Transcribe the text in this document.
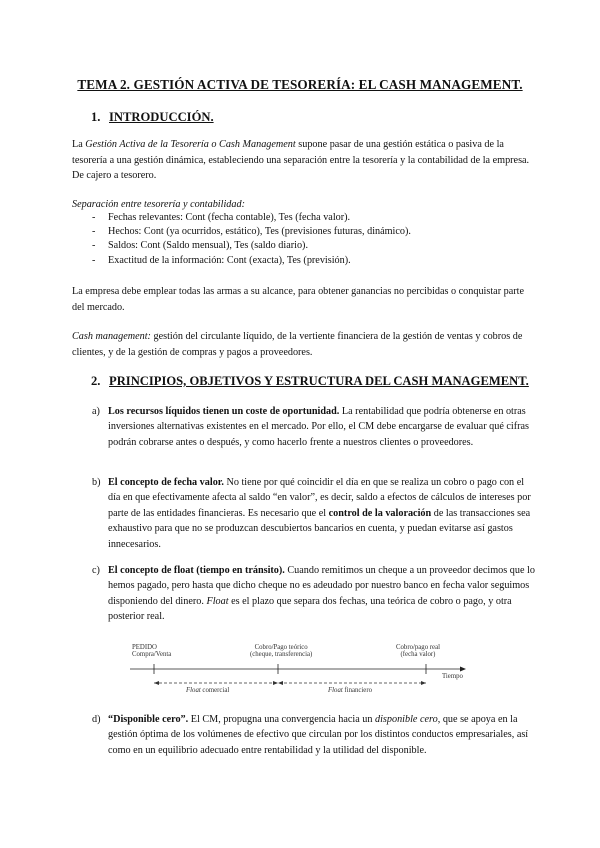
TEMA 2. GESTIÓN ACTIVA DE TESORERÍA: EL CASH MANAGEMENT.
1. INTRODUCCIÓN.
La Gestión Activa de la Tesorería o Cash Management supone pasar de una gestión estática o pasiva de la tesorería a una gestión dinámica, estableciendo una separación entre la tesorería y la contabilidad de la empresa. De cajero a tesorero.
Separación entre tesorería y contabilidad:
- Fechas relevantes: Cont (fecha contable), Tes (fecha valor).
- Hechos: Cont (ya ocurridos, estático), Tes (previsiones futuras, dinámico).
- Saldos: Cont (Saldo mensual), Tes (saldo diario).
- Exactitud de la información: Cont (exacta), Tes (previsión).
La empresa debe emplear todas las armas a su alcance, para obtener ganancias no percibidas o conquistar parte del mercado.
Cash management: gestión del circulante líquido, de la vertiente financiera de la gestión de ventas y cobros de clientes, y de la gestión de compras y pagos a proveedores.
2. PRINCIPIOS, OBJETIVOS Y ESTRUCTURA DEL CASH MANAGEMENT.
a) Los recursos líquidos tienen un coste de oportunidad. La rentabilidad que podría obtenerse en otras inversiones alternativas existentes en el mercado. Por ello, el CM debe encargarse de evaluar qué cifras podrán cobrarse antes o después, y como hacerlo frente a nuestros clientes o proveedores.
b) El concepto de fecha valor. No tiene por qué coincidir el día en que se realiza un cobro o pago con el día en que efectivamente afecta al saldo “en valor”, es decir, saldo a efectos de cálculos de intereses por parte de las entidades financieras. Es necesario que el control de la valoración de las transacciones sea exhaustivo para que no se produzcan descubiertos bancarios en cuenta, y puedan evitarse así gastos innecesarios.
c) El concepto de float (tiempo en tránsito). Cuando remitimos un cheque a un proveedor decimos que lo hemos pagado, pero hasta que dicho cheque no es adeudado por nuestro banco en fecha valor seguimos disponiendo del dinero. Float es el plazo que separa dos fechas, una teórica de cobro o pago, y otra posterior real.
PEDIDO
Compra/Venta
Cobro/Pago teórico
(cheque, transferencia)
Cobro/pago real
(fecha valor)
Tiempo
Float comercial	Float financiero
d) “Disponible cero”. El CM, propugna una convergencia hacia un disponible cero, que se apoya en la gestión óptima de los volúmenes de efectivo que circulan por los distintos conductos empresariales, así como en un equilibrio adecuado entre rentabilidad y la utilidad del disponible.
